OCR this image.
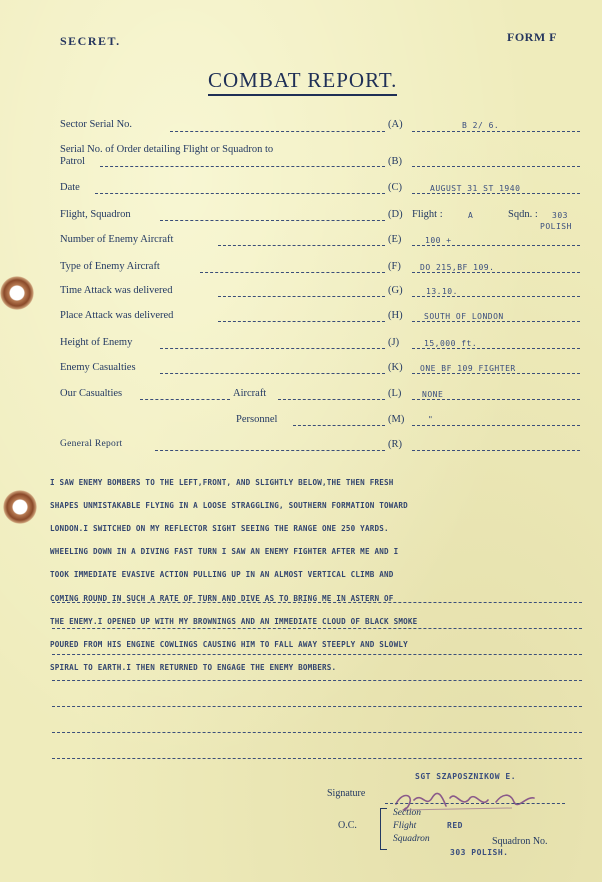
SECRET.	FORM F
COMBAT REPORT.
Sector Serial No.	(A)	B 2/ 6.
Serial No. of Order detailing Flight or Squadron to
Patrol	(B)
Date	(C)	AUGUST 31 ST 1940
Flight, Squadron	(D) Flight :	A	Sqdn. : 303
POLISH
Number of Enemy Aircraft	(E)	100 +
Type of Enemy Aircraft	(F) DO 215,BF 109.
Time Attack was delivered	(G)	13.10.
Place Attack was delivered	(H)	SOUTH OF LONDON
Height of Enemy	(J)	15,000 ft.
Enemy Casualties	(K) ONE BF 109 FIGHTER
Our Casualties	Aircraft	(L)	NONE
Personnel	(M)	"
General Report	(R)

I SAW ENEMY BOMBERS TO THE LEFT,FRONT, AND SLIGHTLY BELOW,THE THEN FRESH

SHAPES UNMISTAKABLE FLYING IN A LOOSE STRAGGLING, SOUTHERN FORMATION TOWARD

LONDON.I SWITCHED ON MY REFLECTOR SIGHT SEEING THE RANGE ONE 250 YARDS.

WHEELING DOWN IN A DIVING FAST TURN I SAW AN ENEMY FIGHTER AFTER ME AND I

TOOK IMMEDIATE EVASIVE ACTION PULLING UP IN AN ALMOST VERTICAL CLIMB AND

COMING ROUND IN SUCH A RATE OF TURN AND DIVE AS TO BRING ME IN ASTERN OF

THE ENEMY.I OPENED UP WITH MY BROWNINGS AND AN IMMEDIATE CLOUD OF BLACK SMOKE

POURED FROM HIS ENGINE COWLINGS CAUSING HIM TO FALL AWAY STEEPLY AND SLOWLY

SPIRAL TO EARTH.I THEN RETURNED TO ENGAGE THE ENEMY BOMBERS.

SGT SZAPOSZNIKOW E.
Signature
O.C.
Section
Flight
Squadron
RED
Squadron No.
303 POLISH.
